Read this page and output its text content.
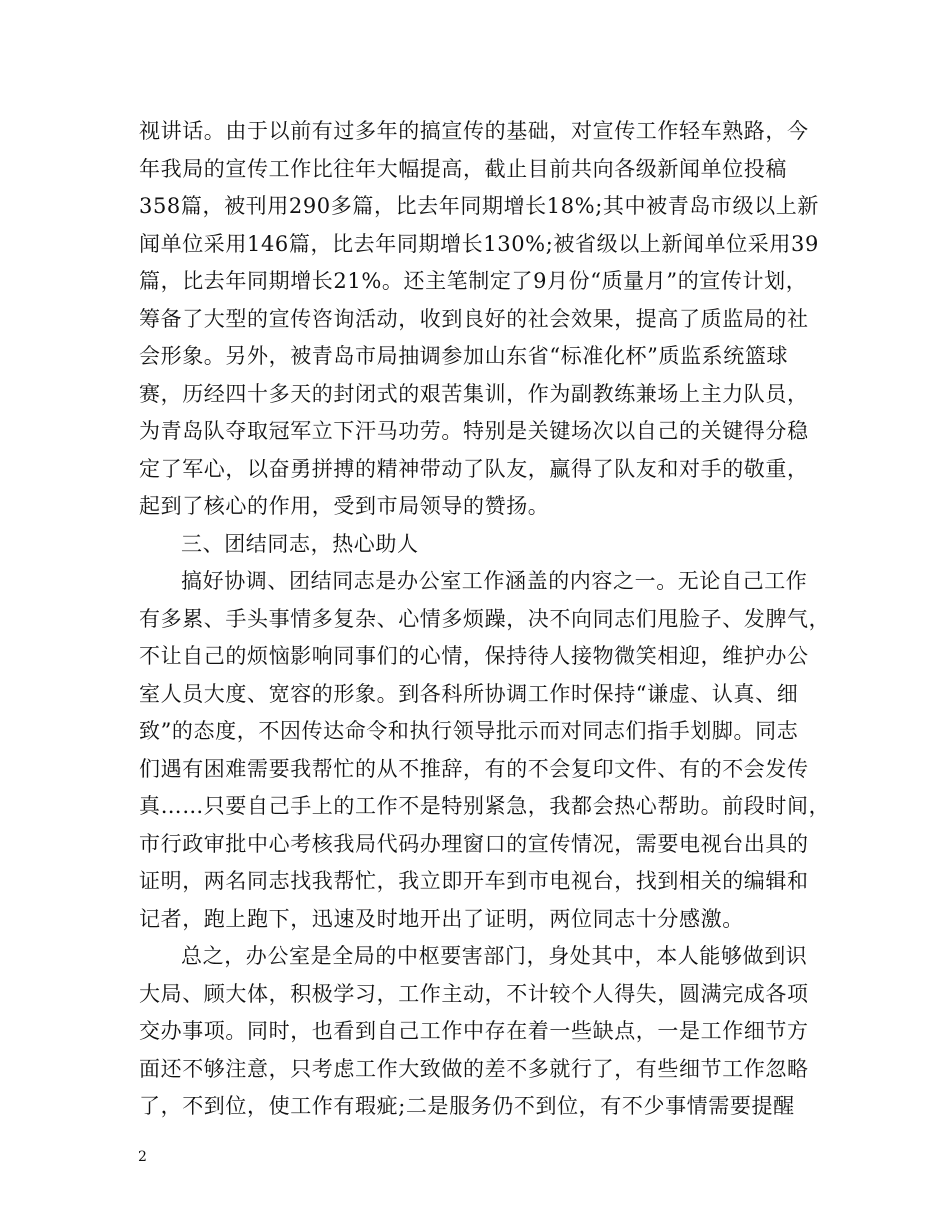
视讲话。由于以前有过多年的搞宣传的基础，对宣传工作轻车熟路，今
年我局的宣传工作比往年大幅提高，截止目前共向各级新闻单位投稿
358篇，被刊用290多篇，比去年同期增长18%;其中被青岛市级以上新
闻单位采用146篇，比去年同期增长130%;被省级以上新闻单位采用39
篇，比去年同期增长21%。还主笔制定了9月份“质量月”的宣传计划，
筹备了大型的宣传咨询活动，收到良好的社会效果，提高了质监局的社
会形象。另外，被青岛市局抽调参加山东省“标准化杯”质监系统篮球
赛，历经四十多天的封闭式的艰苦集训，作为副教练兼场上主力队员，
为青岛队夺取冠军立下汗马功劳。特别是关键场次以自己的关键得分稳
定了军心，以奋勇拼搏的精神带动了队友，赢得了队友和对手的敬重，
起到了核心的作用，受到市局领导的赞扬。
三、团结同志，热心助人
搞好协调、团结同志是办公室工作涵盖的内容之一。无论自己工作
有多累、手头事情多复杂、心情多烦躁，决不向同志们甩脸子、发脾气，
不让自己的烦恼影响同事们的心情，保持待人接物微笑相迎，维护办公
室人员大度、宽容的形象。到各科所协调工作时保持“谦虚、认真、细
致”的态度，不因传达命令和执行领导批示而对同志们指手划脚。同志
们遇有困难需要我帮忙的从不推辞，有的不会复印文件、有的不会发传
真……只要自己手上的工作不是特别紧急，我都会热心帮助。前段时间，
市行政审批中心考核我局代码办理窗口的宣传情况，需要电视台出具的
证明，两名同志找我帮忙，我立即开车到市电视台，找到相关的编辑和
记者，跑上跑下，迅速及时地开出了证明，两位同志十分感激。
总之，办公室是全局的中枢要害部门，身处其中，本人能够做到识
大局、顾大体，积极学习，工作主动，不计较个人得失，圆满完成各项
交办事项。同时，也看到自己工作中存在着一些缺点，一是工作细节方
面还不够注意，只考虑工作大致做的差不多就行了，有些细节工作忽略
了，不到位，使工作有瑕疵;二是服务仍不到位，有不少事情需要提醒
2
